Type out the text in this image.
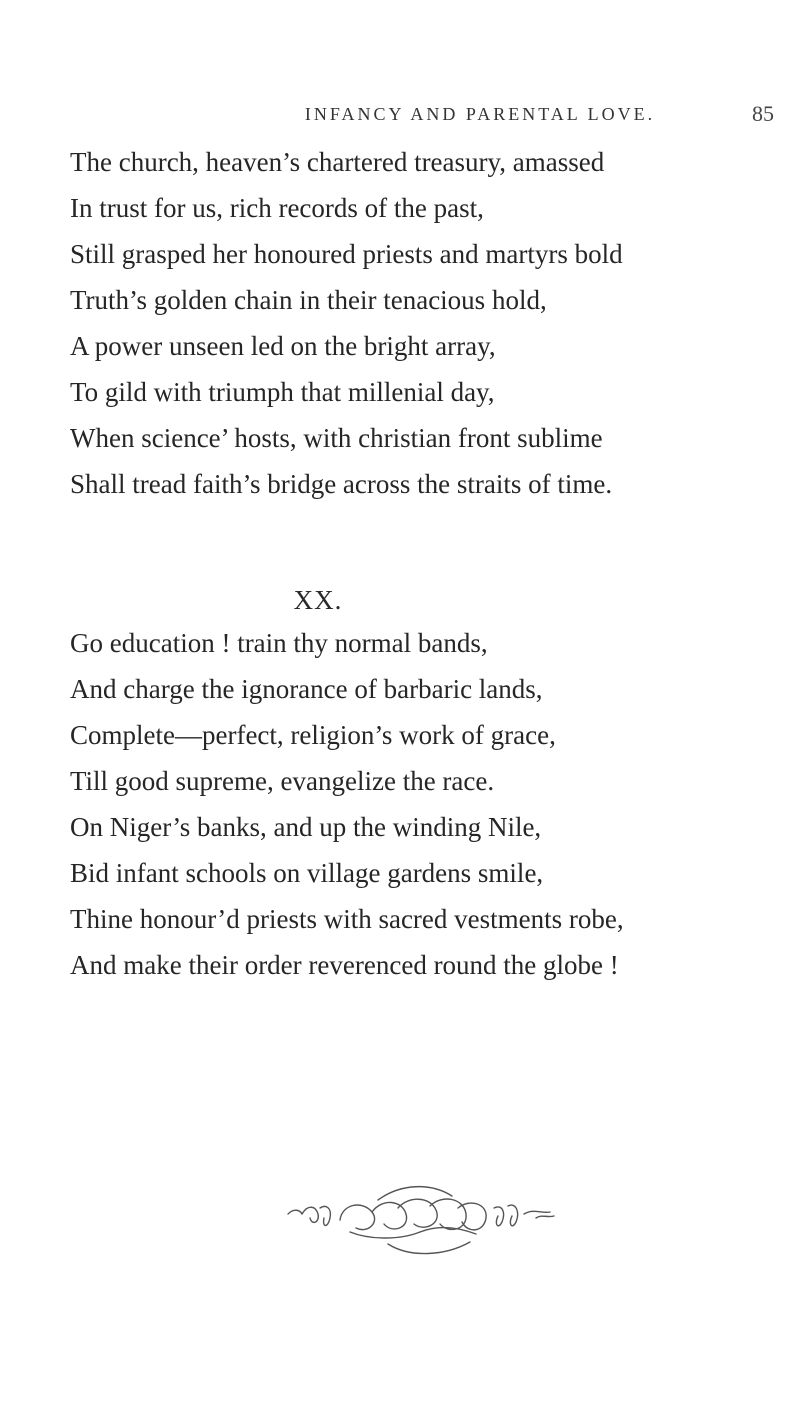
INFANCY AND PARENTAL LOVE.	85
The church, heaven’s chartered treasury, amassed
In trust for us, rich records of the past,
Still grasped her honoured priests and martyrs bold
Truth’s golden chain in their tenacious hold,
A power unseen led on the bright array,
To gild with triumph that millenial day,
When science’ hosts, with christian front sublime
Shall tread faith’s bridge across the straits of time.
XX.
Go education ! train thy normal bands,
And charge the ignorance of barbaric lands,
Complete—perfect, religion’s work of grace,
Till good supreme, evangelize the race.
On Niger’s banks, and up the winding Nile,
Bid infant schools on village gardens smile,
Thine honour’d priests with sacred vestments robe,
And make their order reverenced round the globe !
